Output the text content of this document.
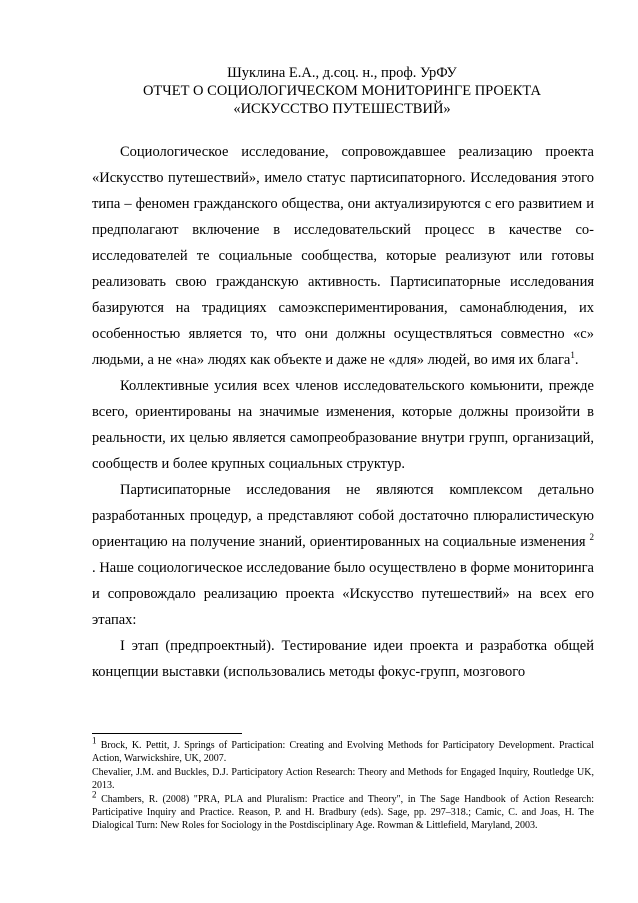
Шуклина Е.А., д.соц. н., проф. УрФУ
ОТЧЕТ О СОЦИОЛОГИЧЕСКОМ МОНИТОРИНГЕ ПРОЕКТА
«ИСКУССТВО ПУТЕШЕСТВИЙ»

Социологическое исследование, сопровождавшее реализацию проекта «Искусство путешествий», имело статус партисипаторного. Исследования этого типа – феномен гражданского общества, они актуализируются с его развитием и предполагают включение в исследовательский процесс в качестве со-исследователей те социальные сообщества, которые реализуют или готовы реализовать свою гражданскую активность. Партисипаторные исследования базируются на традициях самоэкспериментирования, самонаблюдения, их особенностью является то, что они должны осуществляться совместно «с» людьми, а не «на» людях как объекте и даже не «для» людей, во имя их блага$^1$.

Коллективные усилия всех членов исследовательского комьюнити, прежде всего, ориентированы на значимые изменения, которые должны произойти в реальности, их целью является самопреобразование внутри групп, организаций, сообществ и более крупных социальных структур.

Партисипаторные исследования не являются комплексом детально разработанных процедур, а представляют собой достаточно плюралистическую ориентацию на получение знаний, ориентированных на социальные изменения $^2$ . Наше социологическое исследование было осуществлено в форме мониторинга и сопровождало реализацию проекта «Искусство путешествий» на всех его этапах:

I этап (предпроектный). Тестирование идеи проекта и разработка общей концепции выставки (использовались методы фокус-групп, мозгового

$^1$ Brock, K. Pettit, J. Springs of Participation: Creating and Evolving Methods for Participatory Development. Practical Action, Warwickshire, UK, 2007.

Chevalier, J.M. and Buckles, D.J. Participatory Action Research: Theory and Methods for Engaged Inquiry, Routledge UK, 2013.

$^2$ Chambers, R. (2008) "PRA, PLA and Pluralism: Practice and Theory", in The Sage Handbook of Action Research: Participative Inquiry and Practice. Reason, P. and H. Bradbury (eds). Sage, pp. 297–318.; Camic, C. and Joas, H. The Dialogical Turn: New Roles for Sociology in the Postdisciplinary Age. Rowman & Littlefield, Maryland, 2003.
